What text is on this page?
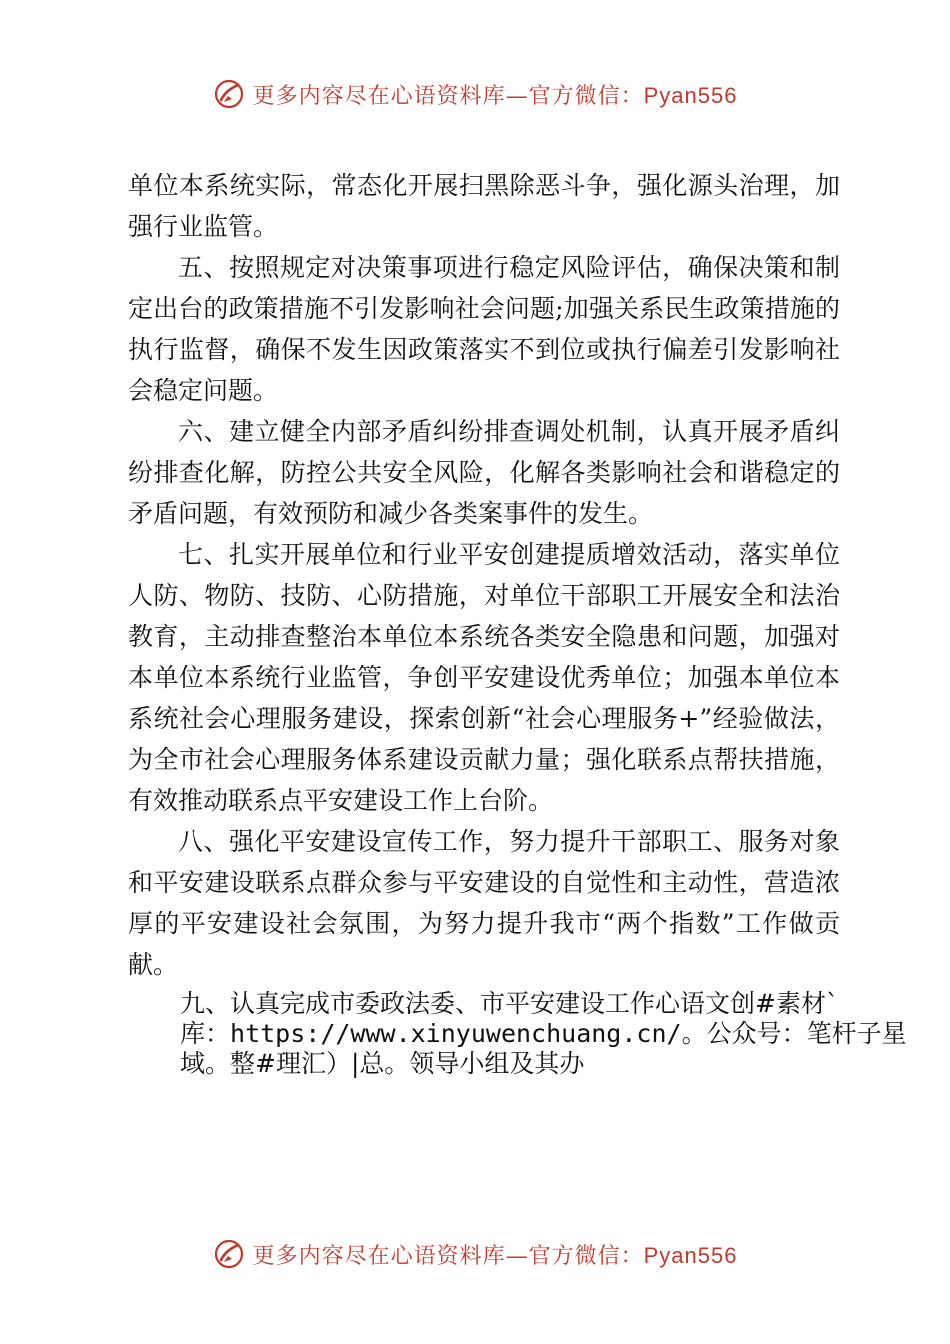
更多内容尽在心语资料库—官方微信：Pyan556

单位本系统实际，常态化开展扫黑除恶斗争，强化源头治理，加强行业监管。

五、按照规定对决策事项进行稳定风险评估，确保决策和制定出台的政策措施不引发影响社会问题;加强关系民生政策措施的执行监督，确保不发生因政策落实不到位或执行偏差引发影响社会稳定问题。

六、建立健全内部矛盾纠纷排查调处机制，认真开展矛盾纠纷排查化解，防控公共安全风险，化解各类影响社会和谐稳定的矛盾问题，有效预防和减少各类案事件的发生。

七、扎实开展单位和行业平安创建提质增效活动，落实单位人防、物防、技防、心防措施，对单位干部职工开展安全和法治教育，主动排查整治本单位本系统各类安全隐患和问题，加强对本单位本系统行业监管，争创平安建设优秀单位；加强本单位本系统社会心理服务建设，探索创新“社会心理服务+”经验做法， 为全市社会心理服务体系建设贡献力量；强化联系点帮扶措施， 有效推动联系点平安建设工作上台阶。

八、强化平安建设宣传工作，努力提升干部职工、服务对象和平安建设联系点群众参与平安建设的自觉性和主动性，营造浓厚的平安建设社会氛围，为努力提升我市“两个指数”工作做贡献。

九、认真完成市委政法委、市平安建设工作心语文创#素材`
库：https://www.xinyuwenchuang.cn/。公众号：笔杆子星
域。整#理汇）|总。领导小组及其办
更多内容尽在心语资料库—官方微信：Pyan556
